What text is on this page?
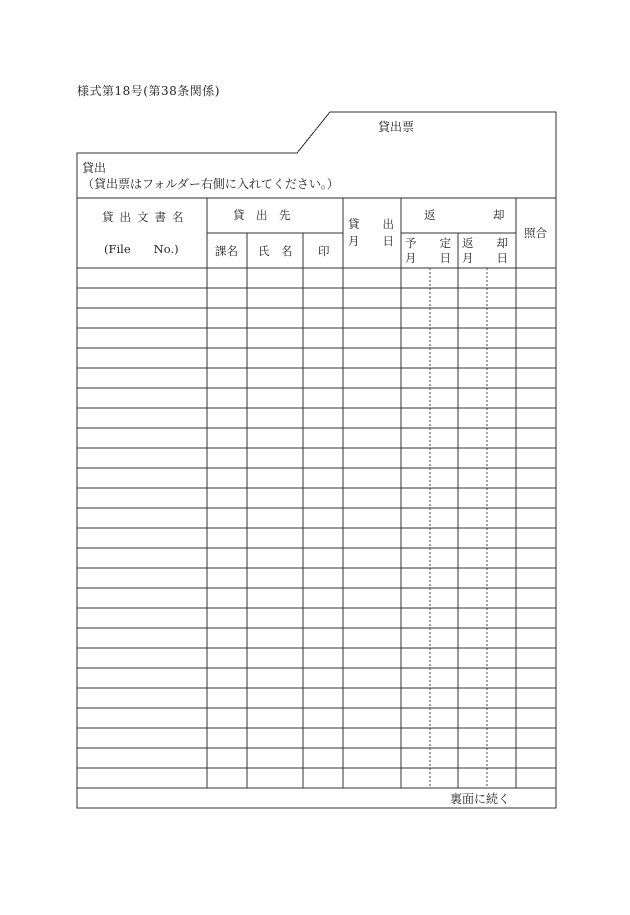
様式第18号(第38条関係)
貸出票
貸出
（貸出票はフォルダー右側に入れてください。）
貸出文書名
(File　　No.)
貸　出　先
課名 氏　名 印
貸　　出
月　　日
返　　　　　却
予　　定
月　　日
返　　却
月　　日
照合
裏面に続く
